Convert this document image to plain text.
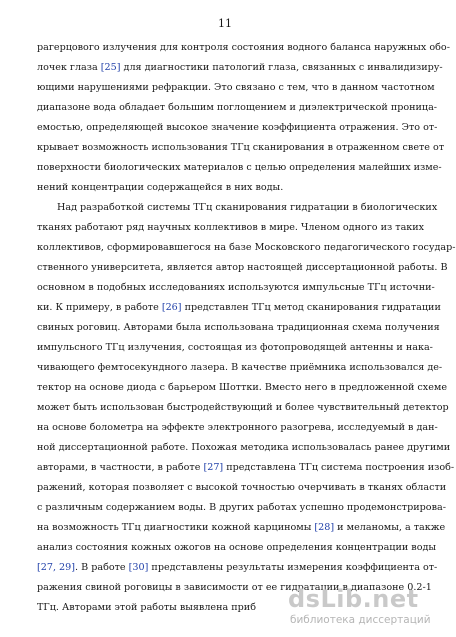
11
рагерцового излучения для контроля состояния водного баланса наружных обо-
лочек глаза [25] для диагностики патологий глаза, связанных с инвалидизиру-
ющими нарушениями рефракции. Это связано с тем, что в данном частотном
диапазоне вода обладает большим поглощением и диэлектрической проница-
емостью, определяющей высокое значение коэффициента отражения. Это от-
крывает возможность использования ТГц сканирования в отраженном свете от
поверхности биологических материалов с целью определения малейших изме-
нений концентрации содержащейся в них воды.
Над разработкой системы ТГц сканирования гидратации в биологических
тканях работают ряд научных коллективов в мире. Членом одного из таких
коллективов, сформировавшегося на базе Московского педагогического государ-
ственного университета, является автор настоящей диссертационной работы. В
основном в подобных исследованиях используются импульсные ТГц источни-
ки. К примеру, в работе [26] представлен ТГц метод сканирования гидратации
свиных роговиц. Авторами была использована традиционная схема получения
импульсного ТГц излучения, состоящая из фотопроводящей антенны и нака-
чивающего фемтосекундного лазера. В качестве приёмника использовался де-
тектор на основе диода с барьером Шоттки. Вместо него в предложенной схеме
может быть использован быстродействующий и более чувствительный детектор
на основе болометра на эффекте электронного разогрева, исследуемый в дан-
ной диссертационной работе. Похожая методика использовалась ранее другими
авторами, в частности, в работе [27] представлена ТГц система построения изоб-
ражений, которая позволяет с высокой точностью очерчивать в тканях области
с различным содержанием воды. В других работах успешно продемонстрирова-
на возможность ТГц диагностики кожной карциномы [28] и меланомы, а также
анализ состояния кожных ожогов на основе определения концентрации воды
[27, 29]. В работе [30] представлены результаты измерения коэффициента от-
ражения свиной роговицы в зависимости от ее гидратации в диапазоне 0.2-1
ТГц. Авторами этой работы выявлена приб	dsLib.net
библиотека диссертаций
